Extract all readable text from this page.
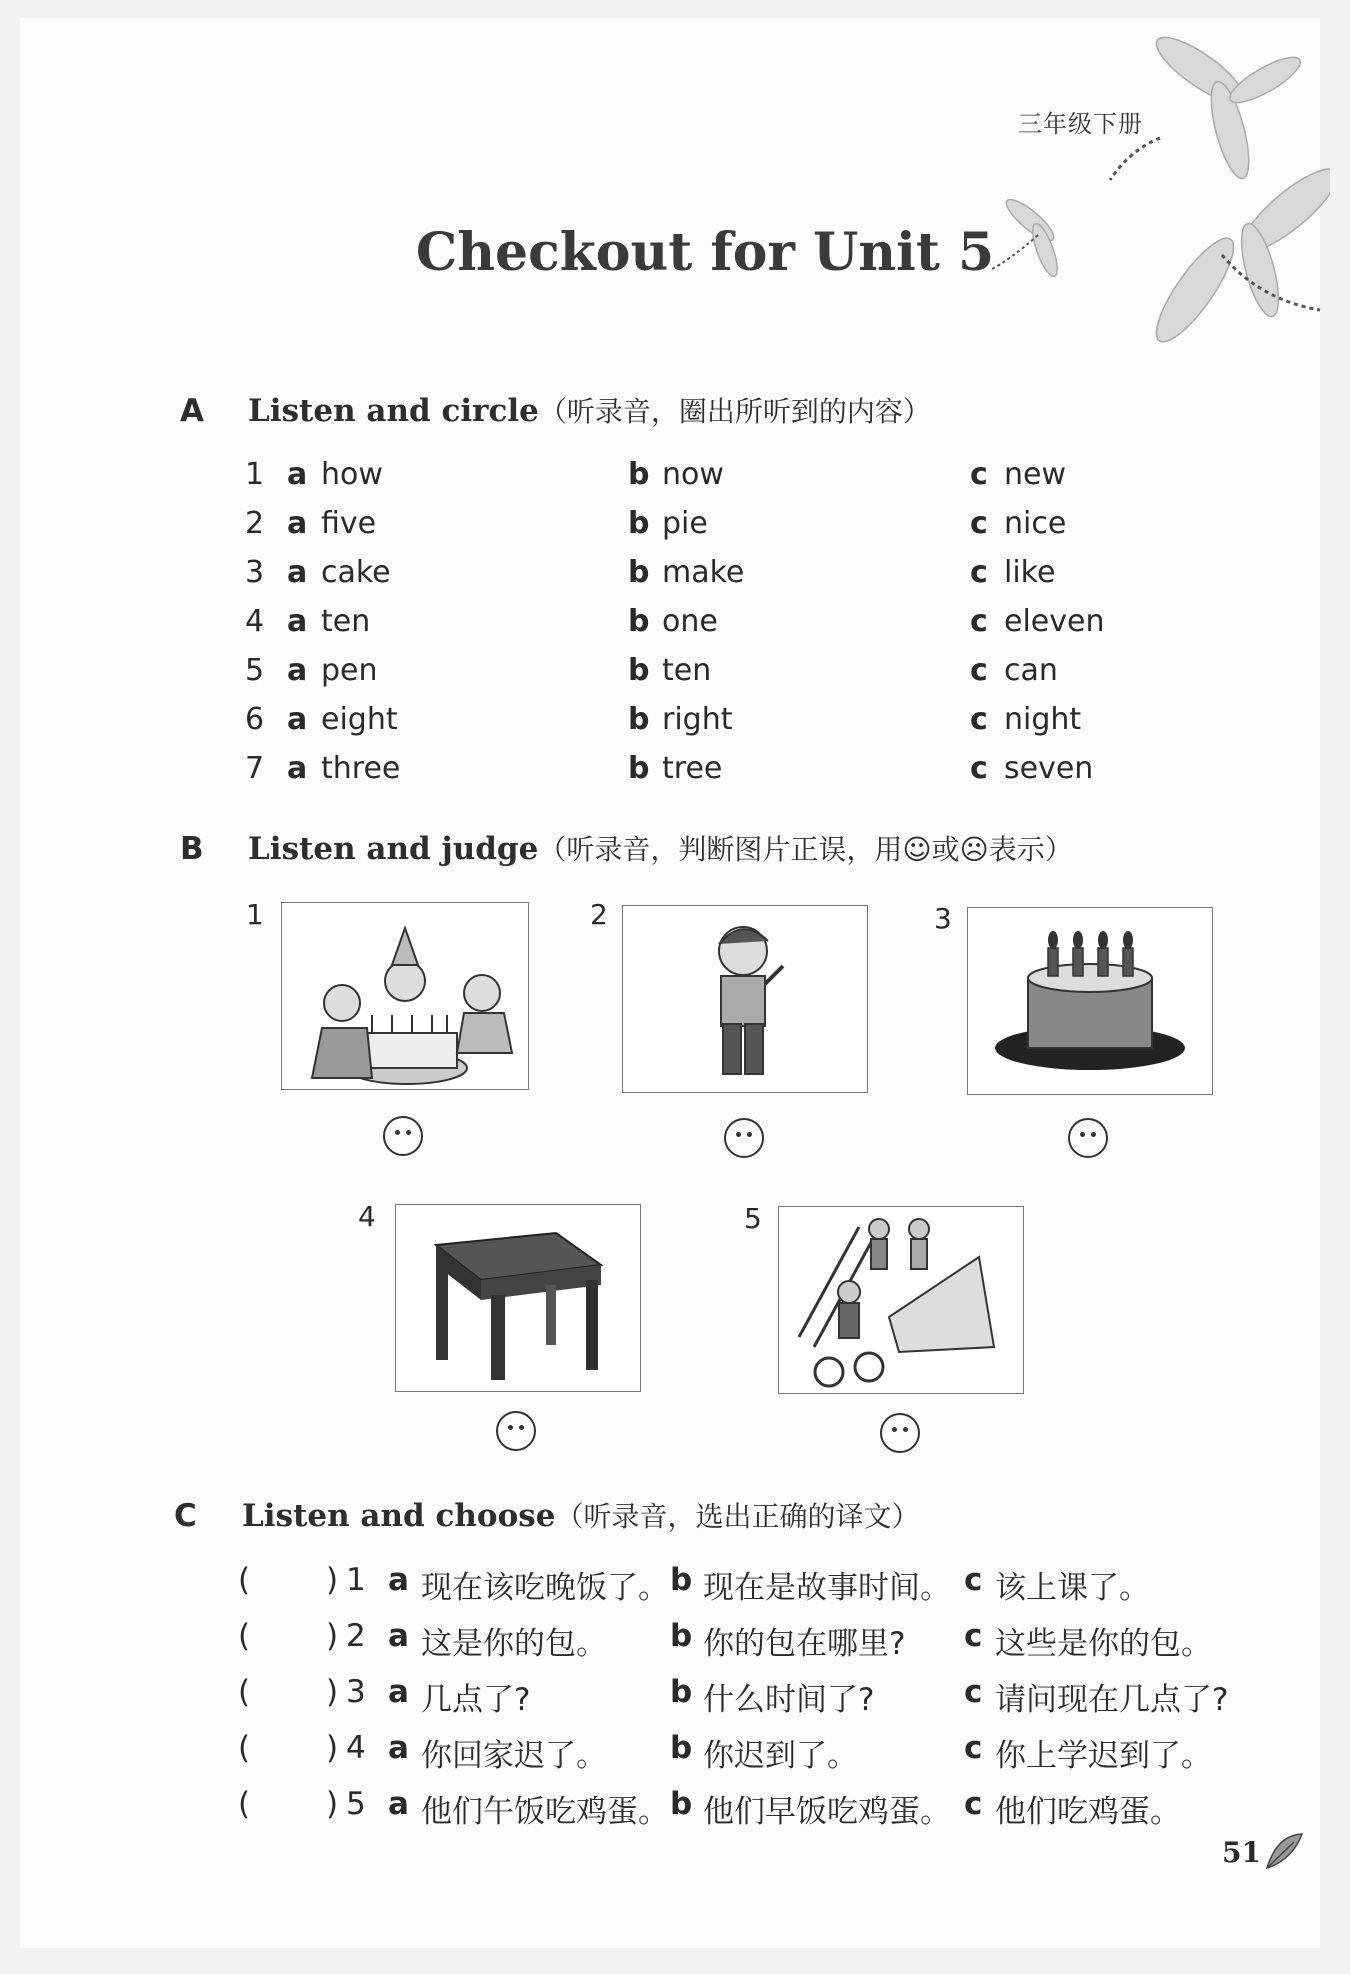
三年级下册
Checkout for Unit 5
A Listen and circle（听录音，圈出所听到的内容）
1 a how	b now	c new
2 a five	b pie	c nice
3 a cake	b make	c like
4 a ten	b one	c eleven
5 a pen	b ten	c can
6 a eight	b right	c night
7 a three	b tree	c seven
B Listen and judge（听录音，判断图片正误，用☺或☹表示）
1	2	3
4	5
C Listen and choose（听录音，选出正确的译文）
( ) 1 a 现在该吃晚饭了。 b 现在是故事时间。 c 该上课了。
( ) 2 a 这是你的包。 b 你的包在哪里? c 这些是你的包。
( ) 3 a 几点了?	b 什么时间了?	c 请问现在几点了?
( ) 4 a 你回家迟了。 b 你迟到了。	c 你上学迟到了。
( ) 5 a 他们午饭吃鸡蛋。 b 他们早饭吃鸡蛋。 c 他们吃鸡蛋。
51
